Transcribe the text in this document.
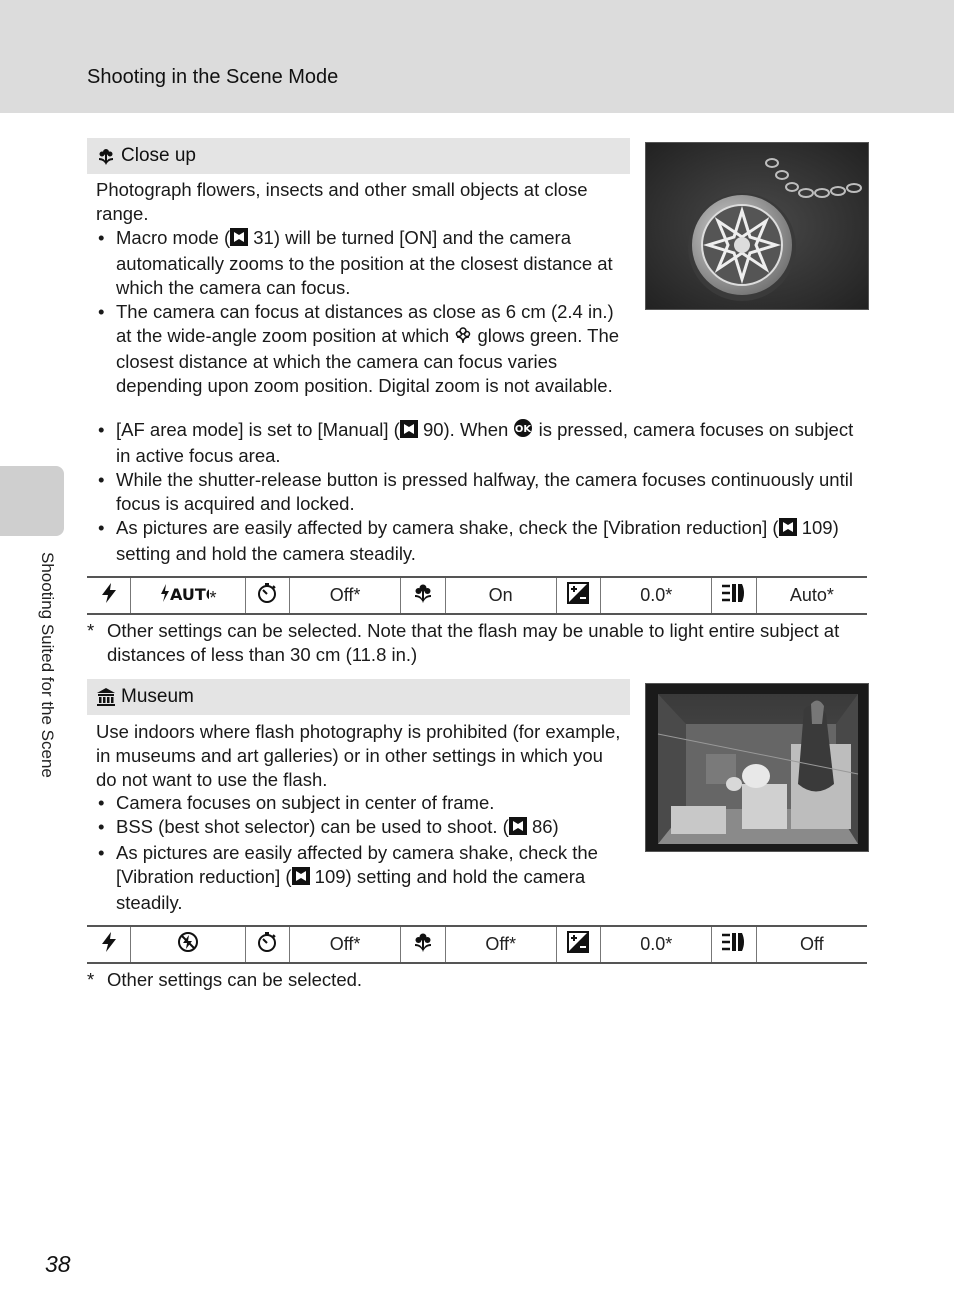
Shooting in the Scene Mode
Shooting Suited for the Scene
Close up

Photograph flowers, insects and other small objects at close range.

• Macro mode ( 31) will be turned [ON] and the camera automatically zooms to the position at the closest distance at which the camera can focus.
• The camera can focus at distances as close as 6 cm (2.4 in.) at the wide-angle zoom position at which  glows green. The closest distance at which the camera can focus varies depending upon zoom position. Digital zoom is not available.
• [AF area mode] is set to [Manual] ( 90). When OK is pressed, camera focuses on subject in active focus area.
• While the shutter-release button is pressed halfway, the camera focuses continuously until focus is acquired and locked.
• As pictures are easily affected by camera shake, check the [Vibration reduction] ( 109) setting and hold the camera steadily.

AUT *		Off*		On		0.0*		Auto*
* Other settings can be selected. Note that the flash may be unable to light entire subject at distances of less than 30 cm (11.8 in.)
Museum

Use indoors where flash photography is prohibited (for example, in museums and art galleries) or in other settings in which you do not want to use the flash.

• Camera focuses on subject in center of frame.
• BSS (best shot selector) can be used to shoot. ( 86)
• As pictures are easily affected by camera shake, check the [Vibration reduction] ( 109) setting and hold the camera steadily.
			Off*		Off*		0.0*		Off
* Other settings can be selected.
38
